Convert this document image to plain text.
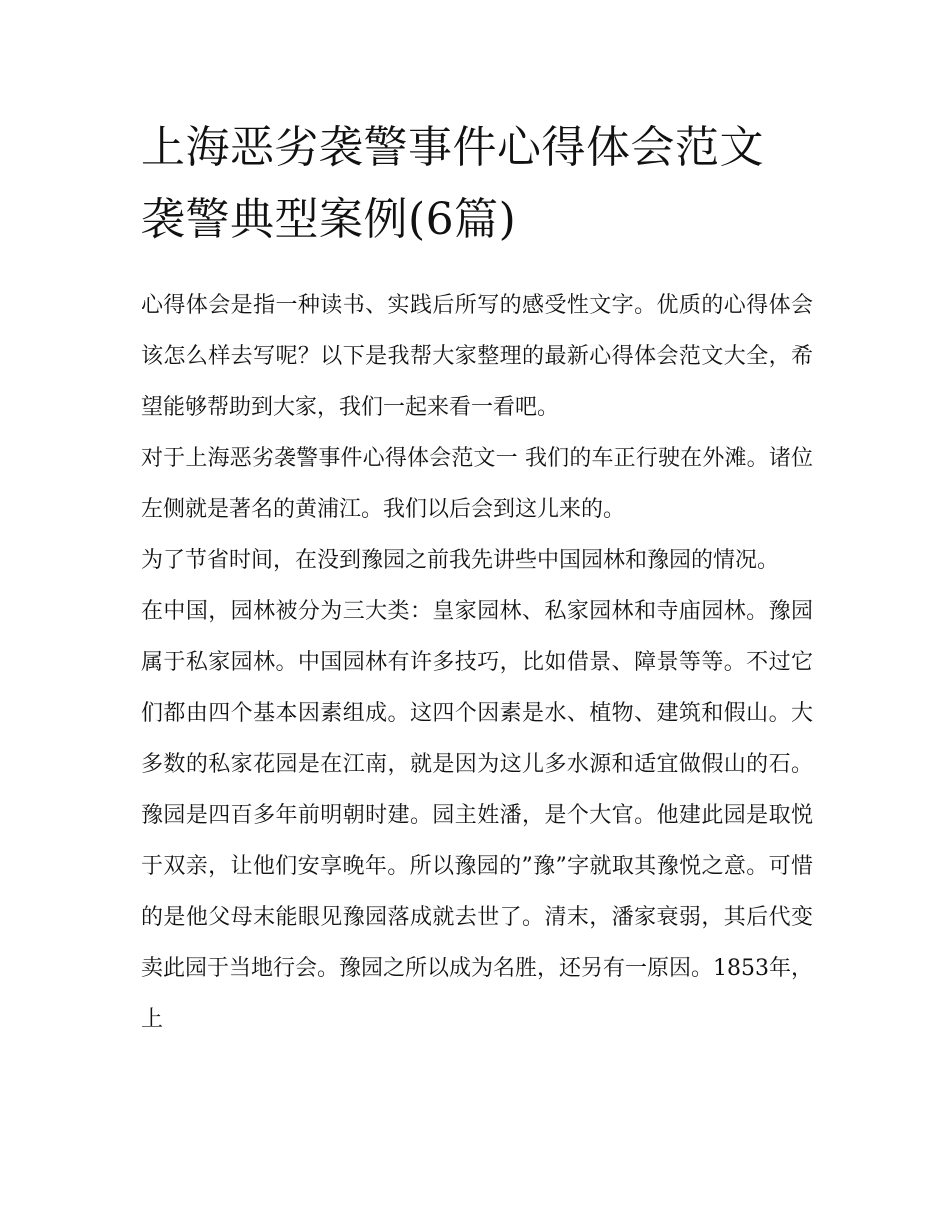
上海恶劣袭警事件心得体会范文 袭警典型案例(6篇)

心得体会是指一种读书、实践后所写的感受性文字。优质的心得体会该怎么样去写呢？以下是我帮大家整理的最新心得体会范文大全，希望能够帮助到大家，我们一起来看一看吧。

对于上海恶劣袭警事件心得体会范文一 我们的车正行驶在外滩。诸位左侧就是著名的黄浦江。我们以后会到这儿来的。

为了节省时间，在没到豫园之前我先讲些中国园林和豫园的情况。

在中国，园林被分为三大类：皇家园林、私家园林和寺庙园林。豫园属于私家园林。中国园林有许多技巧，比如借景、障景等等。不过它们都由四个基本因素组成。这四个因素是水、植物、建筑和假山。大多数的私家花园是在江南，就是因为这儿多水源和适宜做假山的石。豫园是四百多年前明朝时建。园主姓潘，是个大官。他建此园是取悦于双亲，让他们安享晚年。所以豫园的”豫”字就取其豫悦之意。可惜的是他父母末能眼见豫园落成就去世了。清末，潘家衰弱，其后代变卖此园于当地行会。豫园之所以成为名胜，还另有一原因。1853年，上
